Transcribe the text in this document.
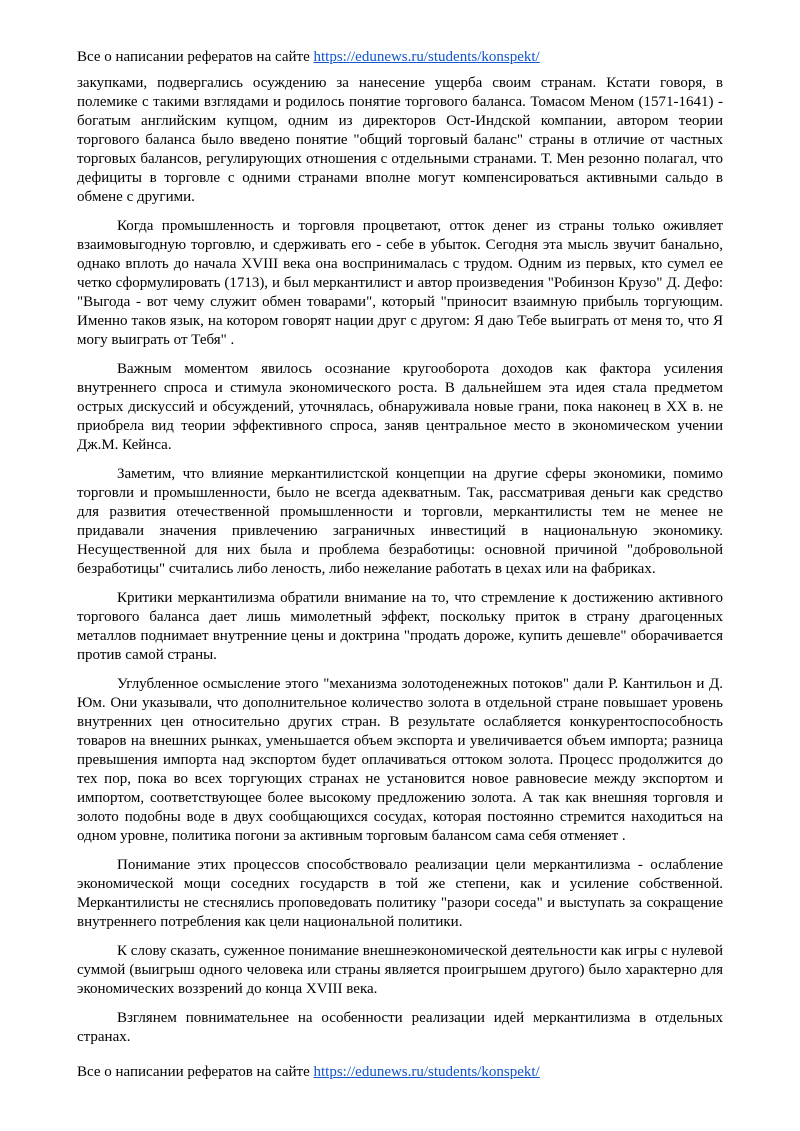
Все о написании рефератов на сайте https://edunews.ru/students/konspekt/

закупками, подвергались осуждению за нанесение ущерба своим странам. Кстати говоря, в полемике с такими взглядами и родилось понятие торгового баланса. Томасом Меном (1571-1641) - богатым английским купцом, одним из директоров Ост-Индской компании, автором теории торгового баланса было введено понятие "общий торговый баланс" страны в отличие от частных торговых балансов, регулирующих отношения с отдельными странами. Т. Мен резонно полагал, что дефициты в торговле с одними странами вполне могут компенсироваться активными сальдо в обмене с другими.

Когда промышленность и торговля процветают, отток денег из страны только оживляет взаимовыгодную торговлю, и сдерживать его - себе в убыток. Сегодня эта мысль звучит банально, однако вплоть до начала XVIII века она воспринималась с трудом. Одним из первых, кто сумел ее четко сформулировать (1713), и был меркантилист и автор произведения "Робинзон Крузо" Д. Дефо: "Выгода - вот чему служит обмен товарами", который "приносит взаимную прибыль торгующим. Именно таков язык, на котором говорят нации друг с другом: Я даю Тебе выиграть от меня то, что Я могу выиграть от Тебя" .

Важным моментом явилось осознание кругооборота доходов как фактора усиления внутреннего спроса и стимула экономического роста. В дальнейшем эта идея стала предметом острых дискуссий и обсуждений, уточнялась, обнаруживала новые грани, пока наконец в XX в. не приобрела вид теории эффективного спроса, заняв центральное место в экономическом учении Дж.М. Кейнса.

Заметим, что влияние меркантилистской концепции на другие сферы экономики, помимо торговли и промышленности, было не всегда адекватным. Так, рассматривая деньги как средство для развития отечественной промышленности и торговли, меркантилисты тем не менее не придавали значения привлечению заграничных инвестиций в национальную экономику. Несущественной для них была и проблема безработицы: основной причиной "добровольной безработицы" считались либо леность, либо нежелание работать в цехах или на фабриках.

Критики меркантилизма обратили внимание на то, что стремление к достижению активного торгового баланса дает лишь мимолетный эффект, поскольку приток в страну драгоценных металлов поднимает внутренние цены и доктрина "продать дороже, купить дешевле" оборачивается против самой страны.

Углубленное осмысление этого "механизма золотоденежных потоков" дали Р. Кантильон и Д. Юм. Они указывали, что дополнительное количество золота в отдельной стране повышает уровень внутренних цен относительно других стран. В результате ослабляется конкурентоспособность товаров на внешних рынках, уменьшается объем экспорта и увеличивается объем импорта; разница превышения импорта над экспортом будет оплачиваться оттоком золота. Процесс продолжится до тех пор, пока во всех торгующих странах не установится новое равновесие между экспортом и импортом, соответствующее более высокому предложению золота. А так как внешняя торговля и золото подобны воде в двух сообщающихся сосудах, которая постоянно стремится находиться на одном уровне, политика погони за активным торговым балансом сама себя отменяет .

Понимание этих процессов способствовало реализации цели меркантилизма - ослабление экономической мощи соседних государств в той же степени, как и усиление собственной. Меркантилисты не стеснялись проповедовать политику "разори соседа" и выступать за сокращение внутреннего потребления как цели национальной политики.

К слову сказать, суженное понимание внешнеэкономической деятельности как игры с нулевой суммой (выигрыш одного человека или страны является проигрышем другого) было характерно для экономических воззрений до конца XVIII века.

Взглянем повнимательнее на особенности реализации идей меркантилизма в отдельных странах.

Все о написании рефератов на сайте https://edunews.ru/students/konspekt/
